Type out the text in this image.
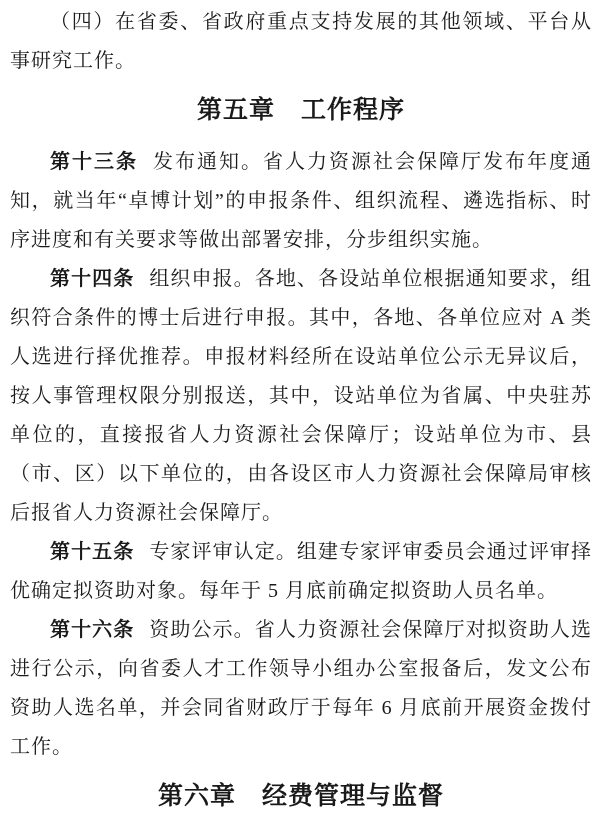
（四）在省委、省政府重点支持发展的其他领域、平台从事研究工作。

第五章　工作程序

第十三条 发布通知。省人力资源社会保障厅发布年度通知，就当年“卓博计划”的申报条件、组织流程、遴选指标、时序进度和有关要求等做出部署安排，分步组织实施。

第十四条 组织申报。各地、各设站单位根据通知要求，组织符合条件的博士后进行申报。其中，各地、各单位应对 A 类人选进行择优推荐。申报材料经所在设站单位公示无异议后，按人事管理权限分别报送，其中，设站单位为省属、中央驻苏单位的，直接报省人力资源社会保障厅；设站单位为市、县（市、区）以下单位的，由各设区市人力资源社会保障局审核后报省人力资源社会保障厅。

第十五条 专家评审认定。组建专家评审委员会通过评审择优确定拟资助对象。每年于 5 月底前确定拟资助人员名单。

第十六条 资助公示。省人力资源社会保障厅对拟资助人选进行公示，向省委人才工作领导小组办公室报备后，发文公布资助人选名单，并会同省财政厅于每年 6 月底前开展资金拨付工作。

第六章　经费管理与监督
